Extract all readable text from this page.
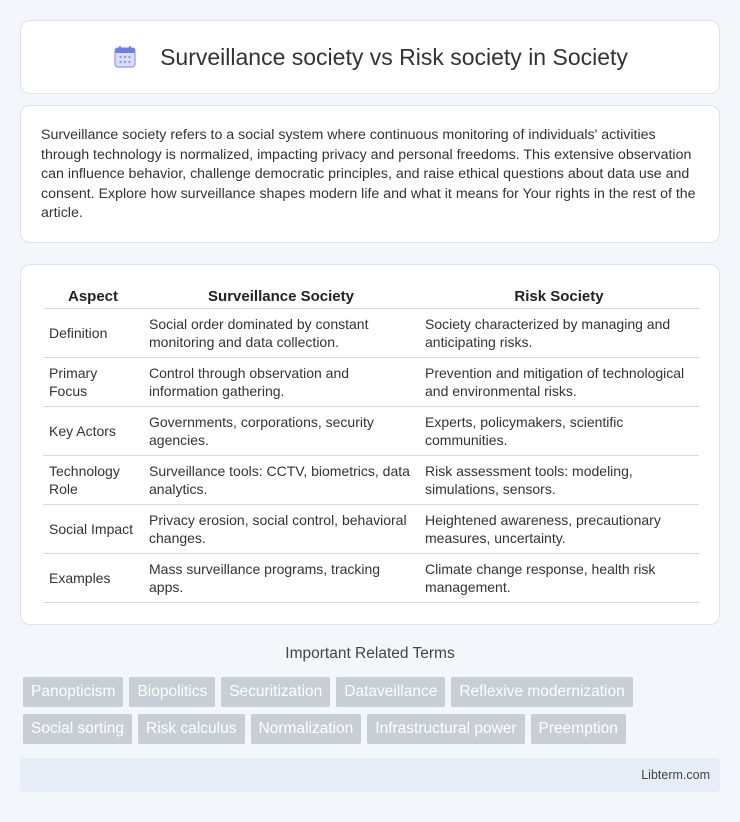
Surveillance society vs Risk society in Society

Surveillance society refers to a social system where continuous monitoring of individuals' activities through technology is normalized, impacting privacy and personal freedoms. This extensive observation can influence behavior, challenge democratic principles, and raise ethical questions about data use and consent. Explore how surveillance shapes modern life and what it means for Your rights in the rest of the article.

Aspect	Surveillance Society	Risk Society
Definition	Social order dominated by constant monitoring and data collection.	Society characterized by managing and anticipating risks.
Primary Focus	Control through observation and information gathering.	Prevention and mitigation of technological and environmental risks.
Key Actors	Governments, corporations, security agencies.	Experts, policymakers, scientific communities.
Technology Role	Surveillance tools: CCTV, biometrics, data analytics.	Risk assessment tools: modeling, simulations, sensors.
Social Impact	Privacy erosion, social control, behavioral changes.	Heightened awareness, precautionary measures, uncertainty.
Examples	Mass surveillance programs, tracking apps.	Climate change response, health risk management.
Important Related Terms
Panopticism	Biopolitics	Securitization	Dataveillance	Reflexive modernization
Social sorting	Risk calculus	Normalization	Infrastructural power	Preemption
Libterm.com
